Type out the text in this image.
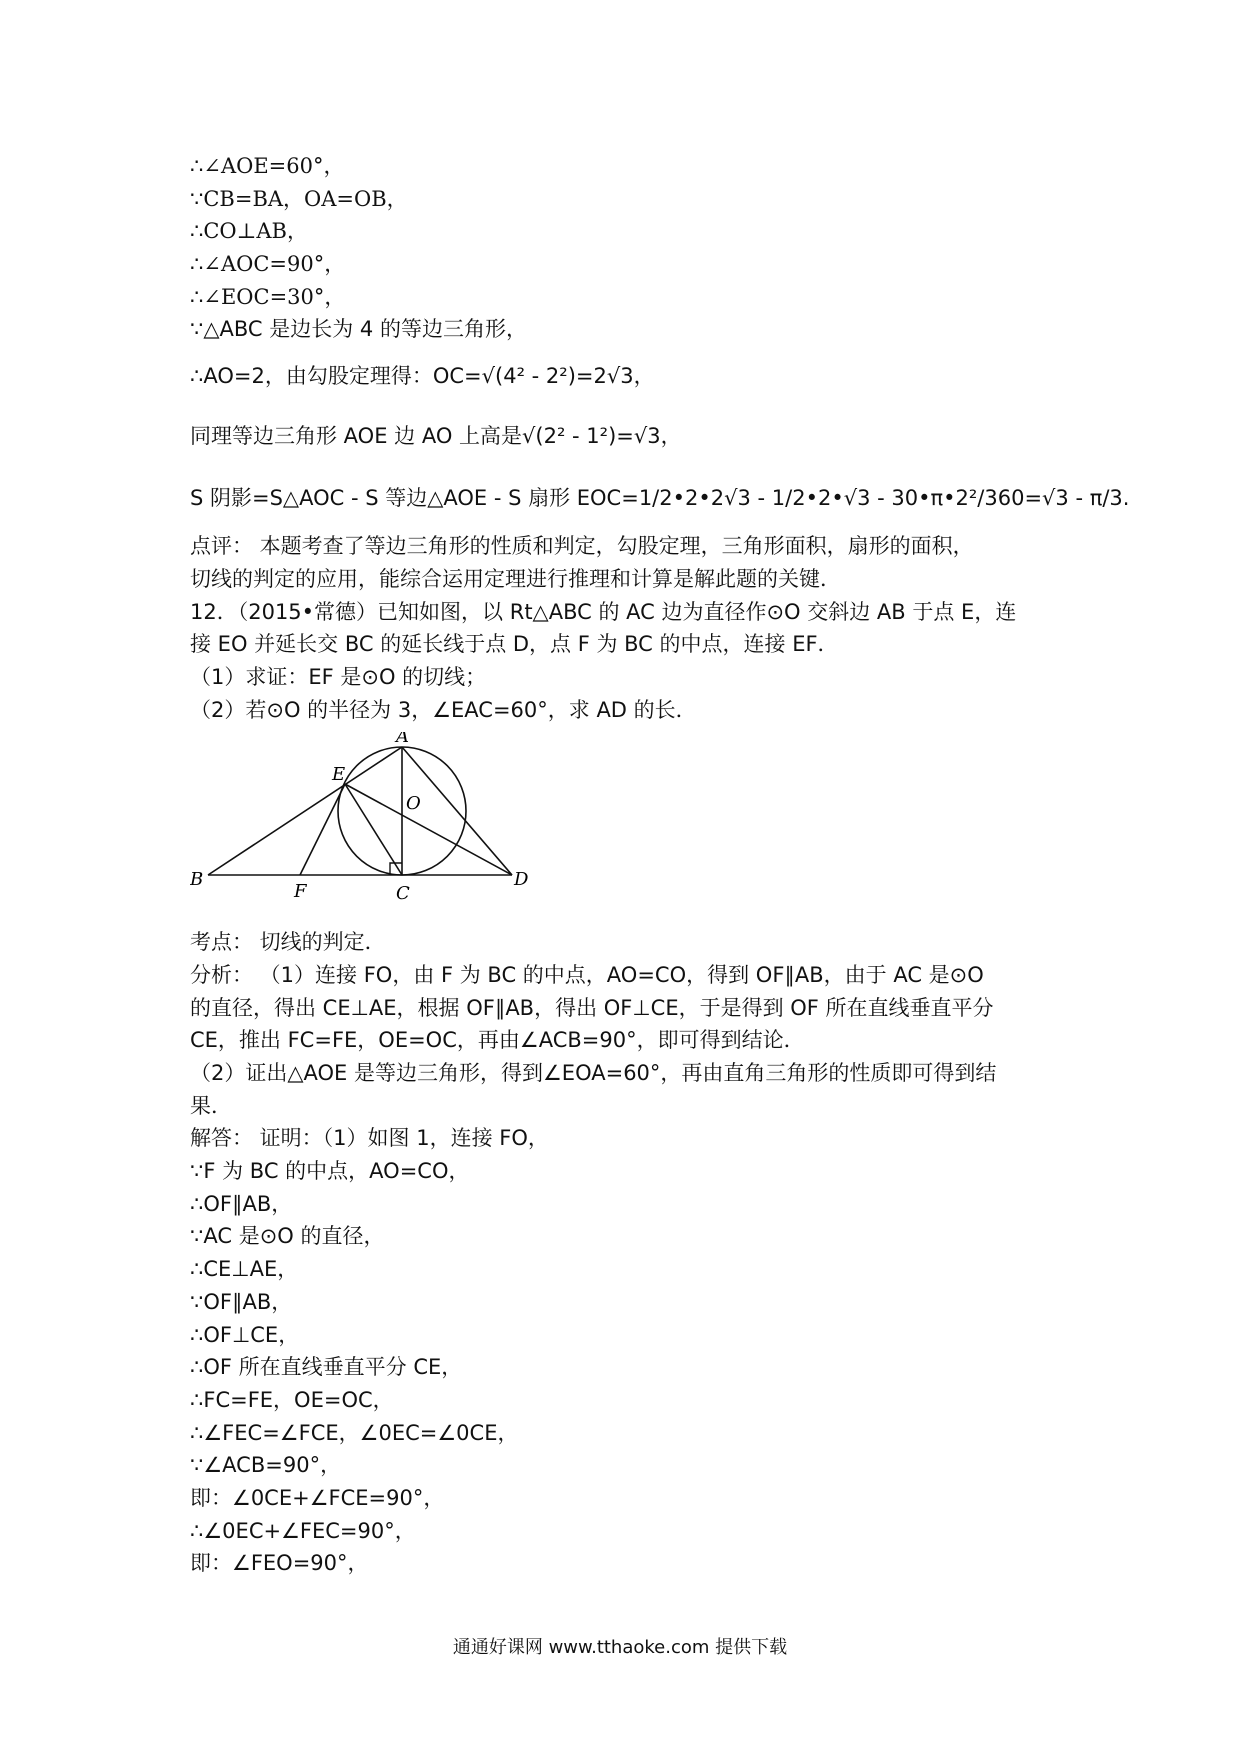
∴∠AOE=60°，
∵CB=BA，OA=OB，
∴CO⊥AB，
∴∠AOC=90°，
∴∠EOC=30°，
∵△ABC 是边长为 4 的等边三角形，
∴AO=2，由勾股定理得：OC=√(4² - 2²)=2√3，
同理等边三角形 AOE 边 AO 上高是√(2² - 1²)=√3，
S 阴影=S△AOC - S 等边△AOE - S 扇形 EOC=1/2•2•2√3 - 1/2•2•√3 - 30•π•2²/360=√3 - π/3.
点评： 本题考查了等边三角形的性质和判定，勾股定理，三角形面积，扇形的面积，
切线的判定的应用，能综合运用定理进行推理和计算是解此题的关键．
12．（2015•常德）已知如图，以 Rt△ABC 的 AC 边为直径作⊙O 交斜边 AB 于点 E，连
接 EO 并延长交 BC 的延长线于点 D，点 F 为 BC 的中点，连接 EF．
（1）求证：EF 是⊙O 的切线；
（2）若⊙O 的半径为 3，∠EAC=60°，求 AD 的长．
A
E
O
B
F	C
D
考点： 切线的判定．
分析： （1）连接 FO，由 F 为 BC 的中点，AO=CO，得到 OF∥AB，由于 AC 是⊙O
的直径，得出 CE⊥AE，根据 OF∥AB，得出 OF⊥CE，于是得到 OF 所在直线垂直平分
CE，推出 FC=FE，OE=OC，再由∠ACB=90°，即可得到结论．
（2）证出△AOE 是等边三角形，得到∠EOA=60°，再由直角三角形的性质即可得到结
果．
解答： 证明：（1）如图 1，连接 FO，
∵F 为 BC 的中点，AO=CO，
∴OF∥AB，
∵AC 是⊙O 的直径，
∴CE⊥AE，
∵OF∥AB，
∴OF⊥CE，
∴OF 所在直线垂直平分 CE，
∴FC=FE，OE=OC，
∴∠FEC=∠FCE，∠0EC=∠0CE，
∵∠ACB=90°，
即：∠0CE+∠FCE=90°，
∴∠0EC+∠FEC=90°，
即：∠FEO=90°，
通通好课网 www.tthaoke.com 提供下载
